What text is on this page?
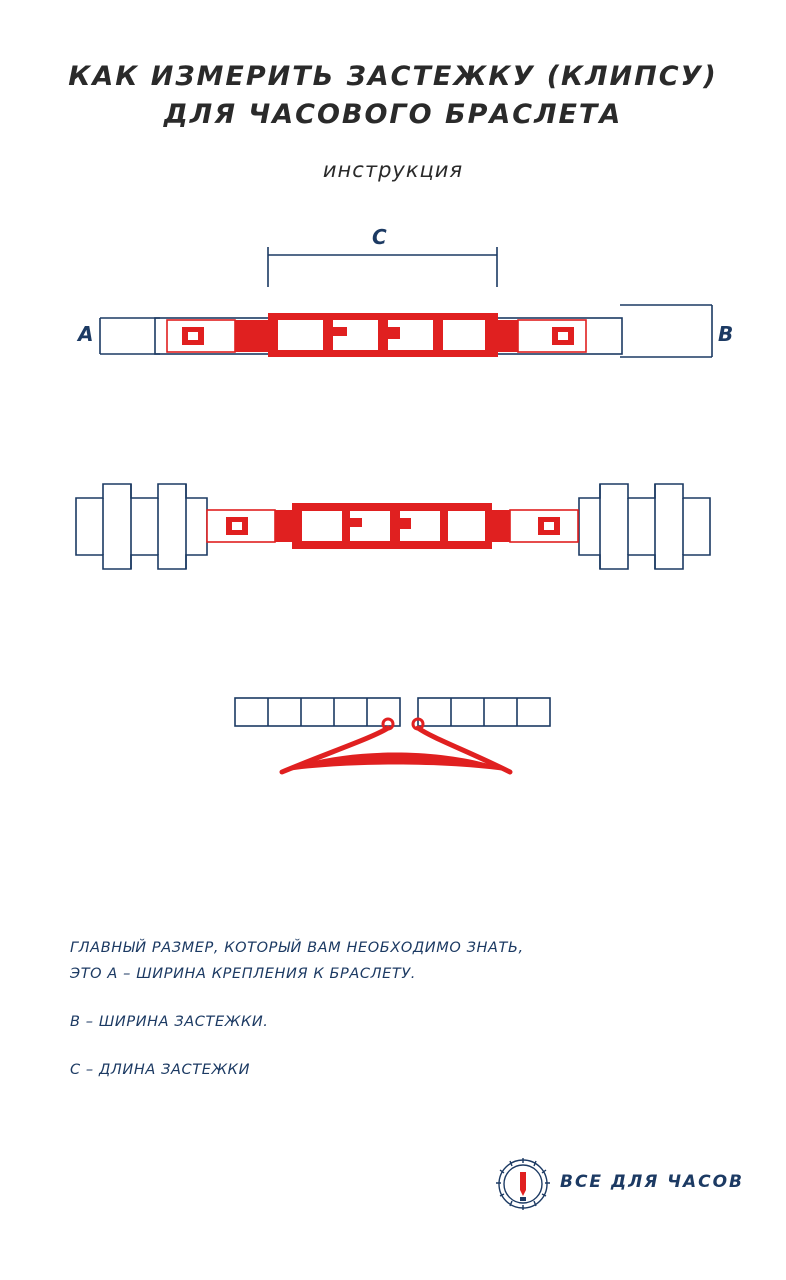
КАК ИЗМЕРИТЬ ЗАСТЕЖКУ (КЛИПСУ)
ДЛЯ ЧАСОВОГО БРАСЛЕТА
инструкция
A	B
C

ГЛАВНЫЙ РАЗМЕР, КОТОРЫЙ ВАМ НЕОБХОДИМО ЗНАТЬ,
ЭТО A – ШИРИНА КРЕПЛЕНИЯ К БРАСЛЕТУ.

B – ШИРИНА ЗАСТЕЖКИ.

C – ДЛИНА ЗАСТЕЖКИ

ВСЕ ДЛЯ ЧАСОВ
